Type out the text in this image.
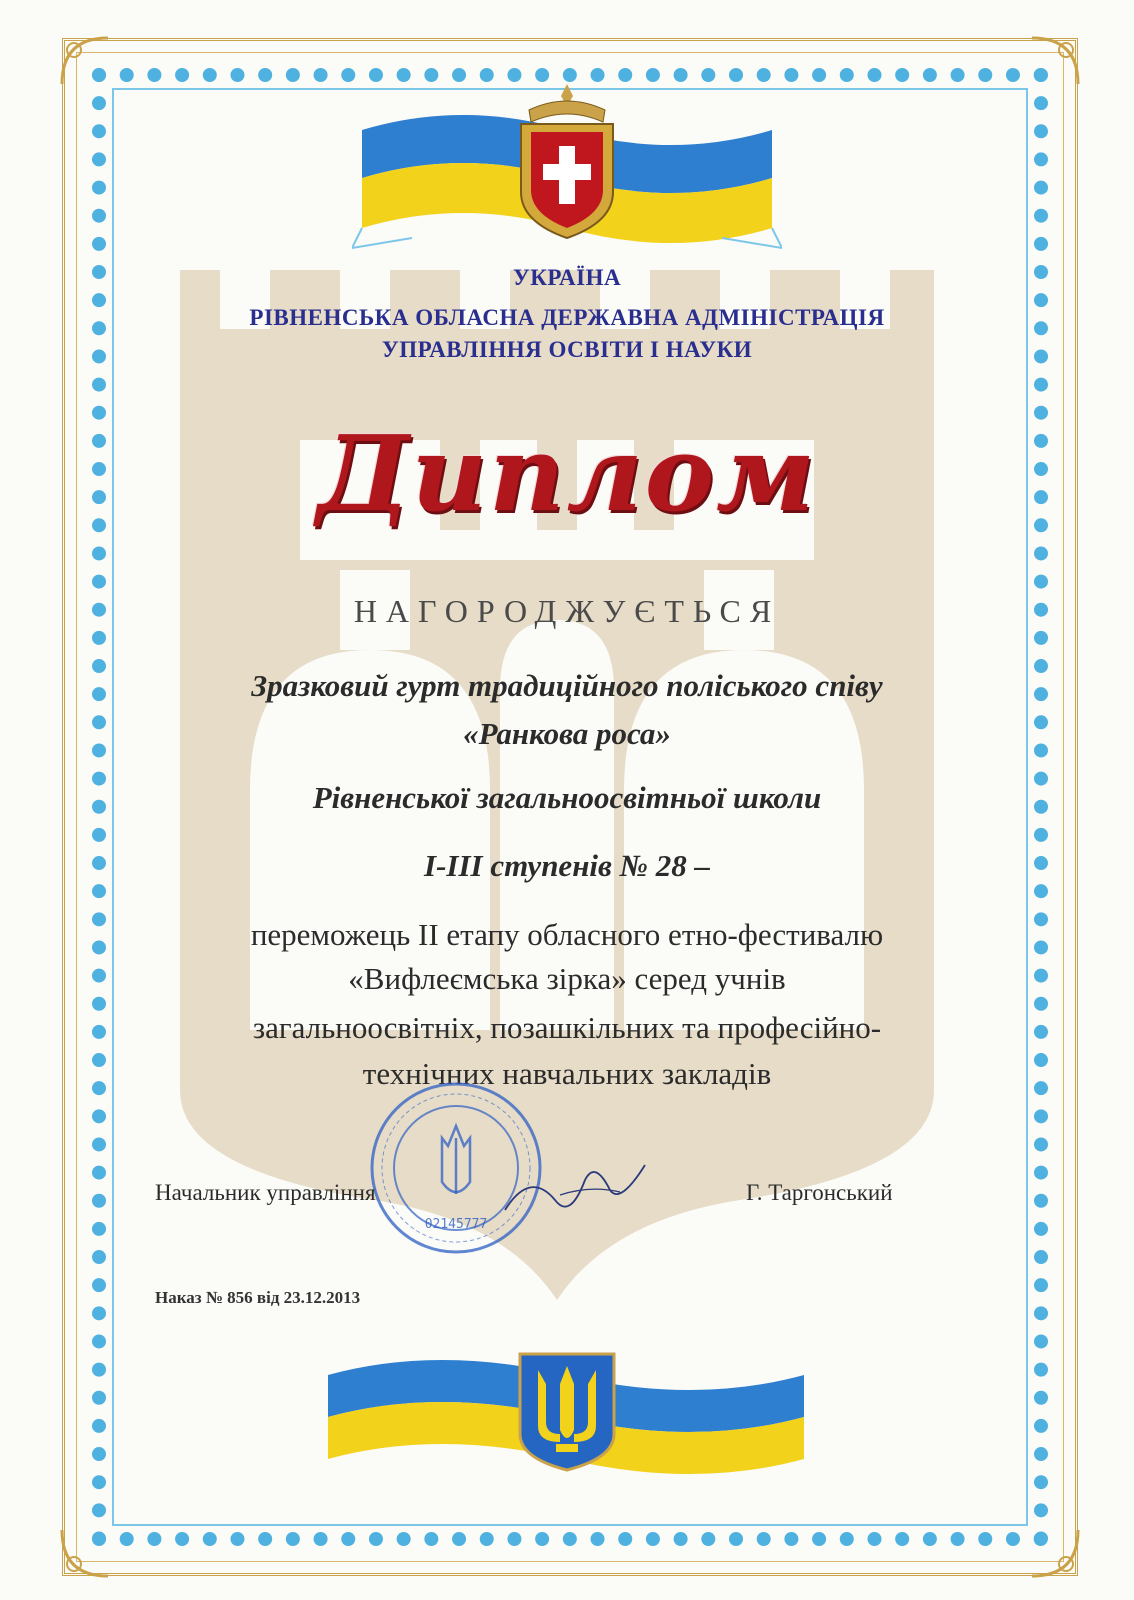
УКРАЇНА
РІВНЕНСЬКА ОБЛАСНА ДЕРЖАВНА АДМІНІСТРАЦІЯ
УПРАВЛІННЯ ОСВІТИ І НАУКИ
Диплом
НАГОРОДЖУЄТЬСЯ
Зразковий гурт традиційного поліського співу
«Ранкова роса»
Рівненської загальноосвітньої школи
І-ІІІ ступенів № 28 –
переможець ІІ етапу обласного етно-фестивалю
«Вифлеємська зірка» серед учнів
загальноосвітніх, позашкільних та професійно-
технічних навчальних закладів
02145777
Начальник управління	Г. Таргонський
Наказ № 856 від 23.12.2013
